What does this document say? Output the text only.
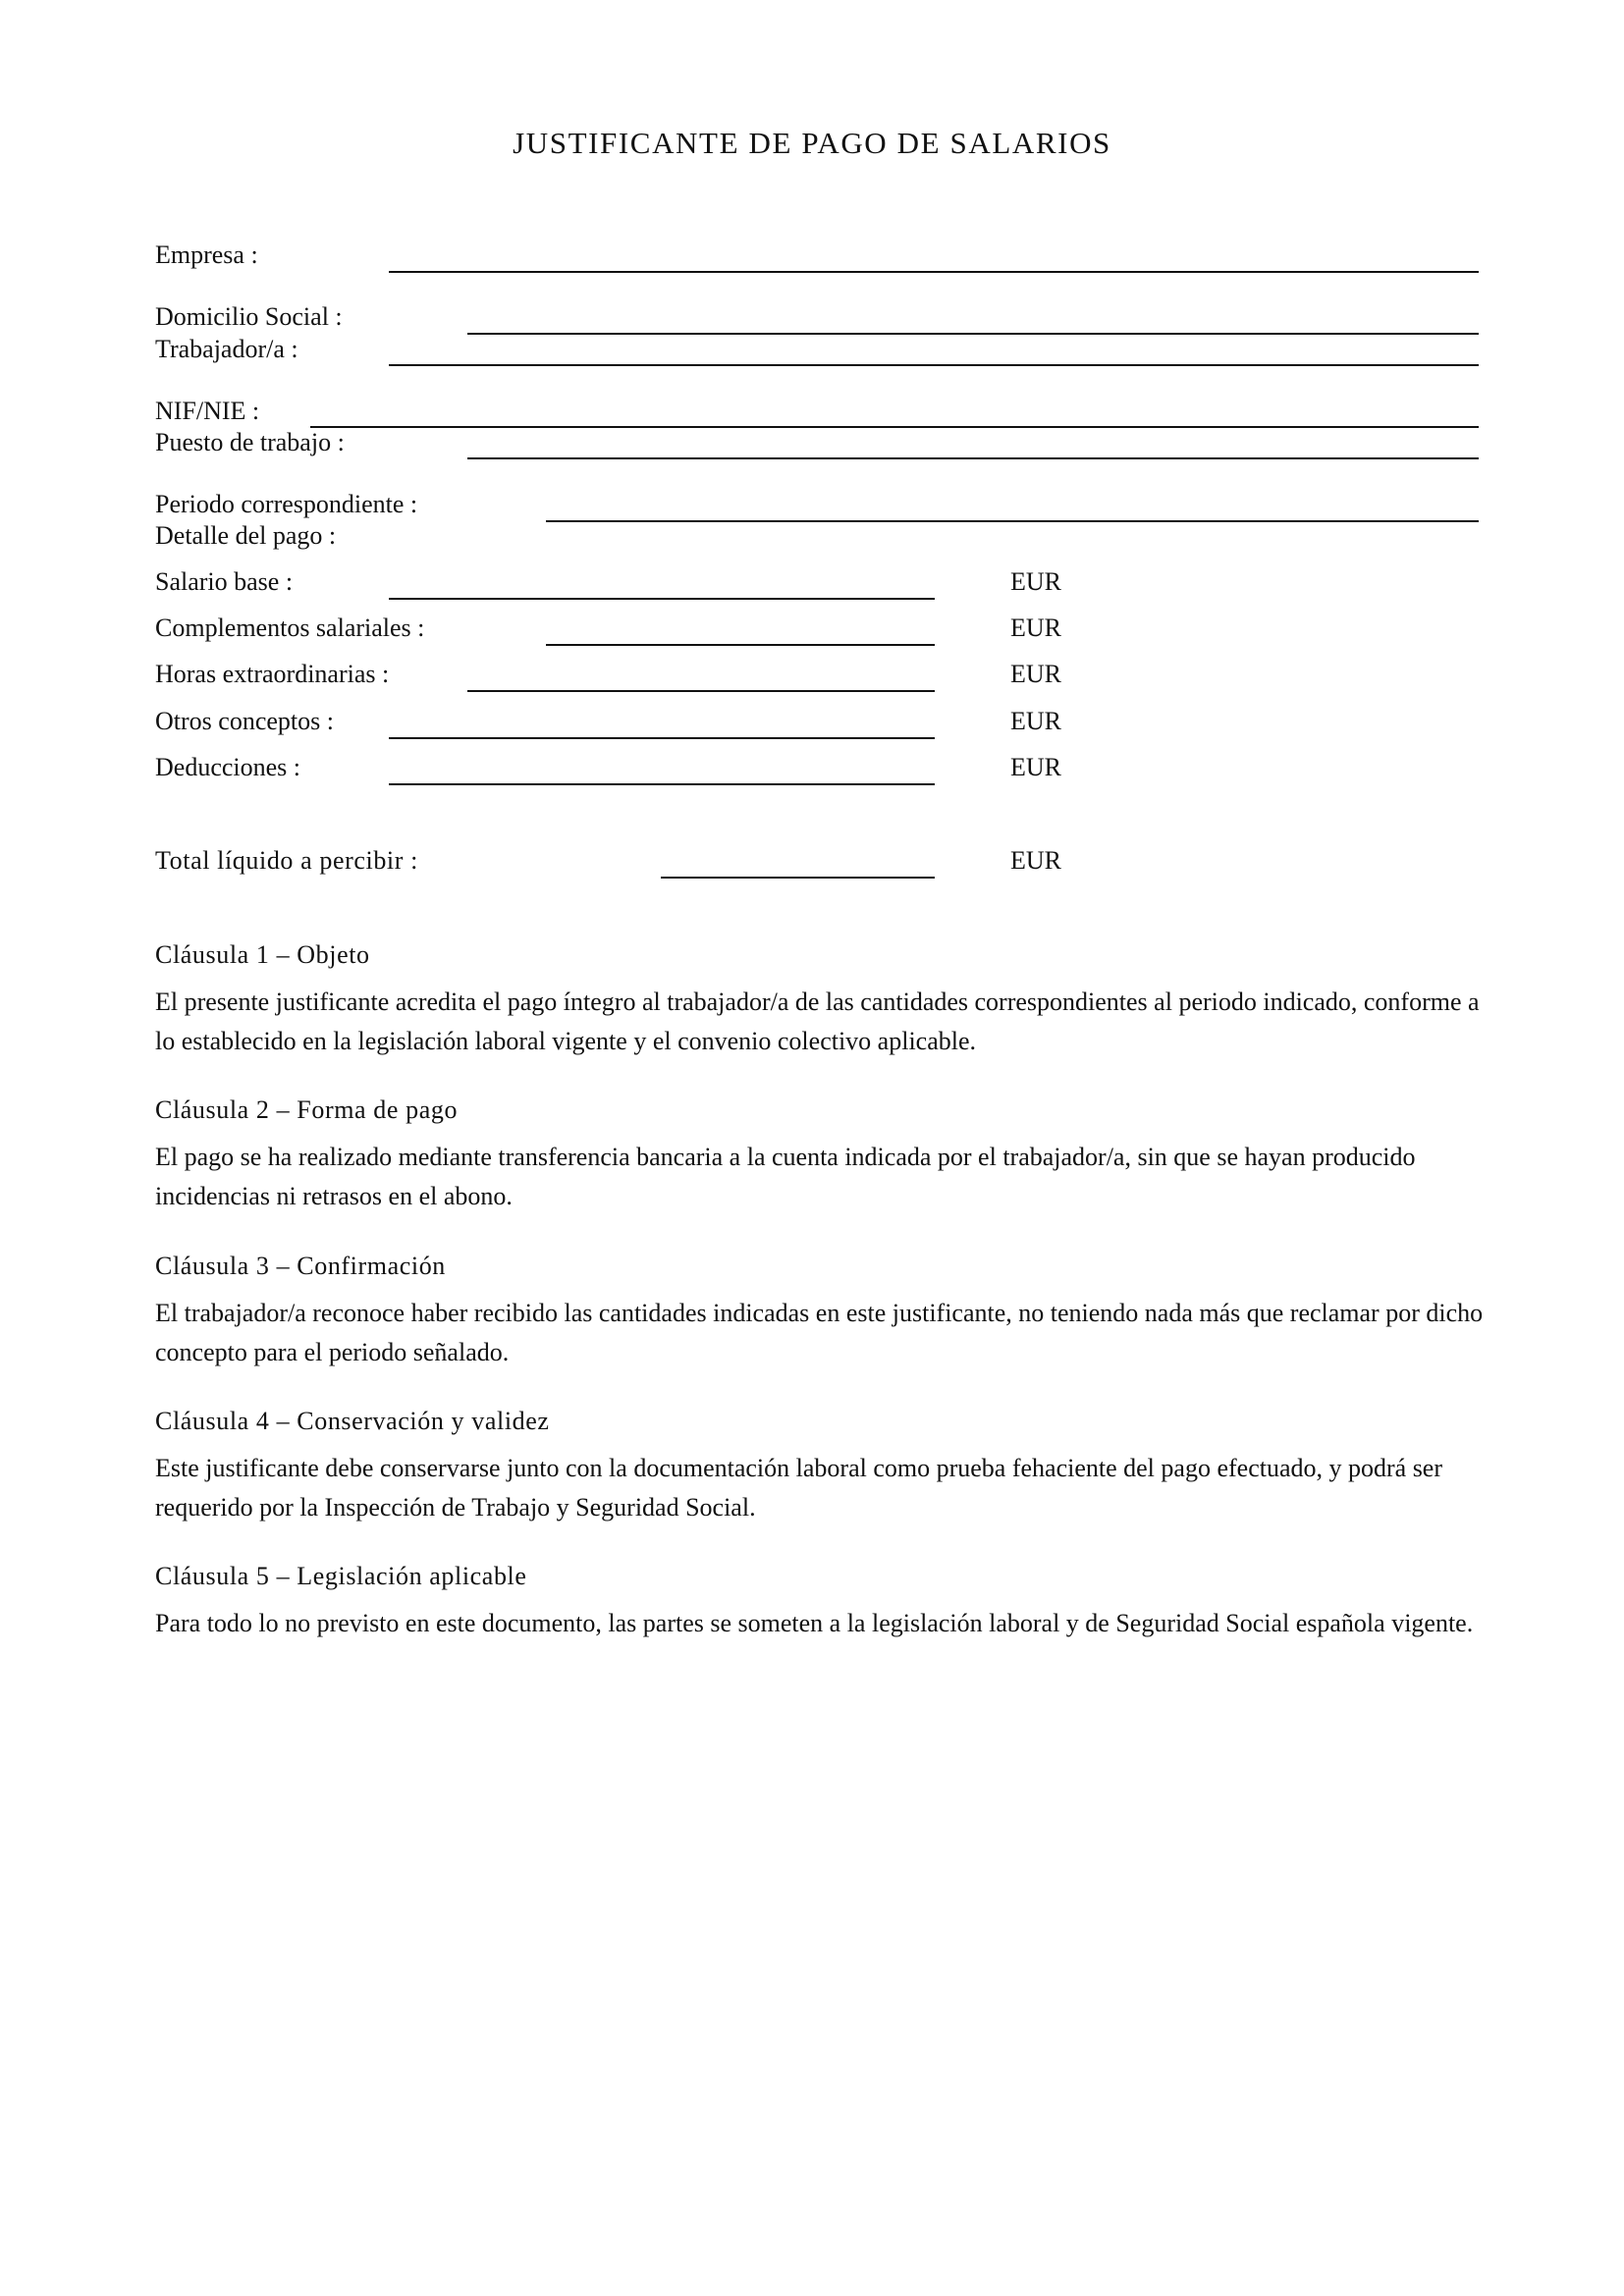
JUSTIFICANTE DE PAGO DE SALARIOS
Empresa :
Domicilio Social :
Trabajador/a :
NIF/NIE :
Puesto de trabajo :
Periodo correspondiente :
Detalle del pago :
Salario base :	EUR
Complementos salariales :	EUR
Horas extraordinarias :	EUR
Otros conceptos :	EUR
Deducciones :	EUR
Total líquido a percibir :	EUR
Cláusula 1 – Objeto
El presente justificante acredita el pago íntegro al trabajador/a de las cantidades correspondientes al periodo indicado, conforme a lo establecido en la legislación laboral vigente y el convenio colectivo aplicable.
Cláusula 2 – Forma de pago
El pago se ha realizado mediante transferencia bancaria a la cuenta indicada por el trabajador/a, sin que se hayan producido incidencias ni retrasos en el abono.
Cláusula 3 – Confirmación
El trabajador/a reconoce haber recibido las cantidades indicadas en este justificante, no teniendo nada más que reclamar por dicho concepto para el periodo señalado.
Cláusula 4 – Conservación y validez
Este justificante debe conservarse junto con la documentación laboral como prueba fehaciente del pago efectuado, y podrá ser requerido por la Inspección de Trabajo y Seguridad Social.
Cláusula 5 – Legislación aplicable
Para todo lo no previsto en este documento, las partes se someten a la legislación laboral y de Seguridad Social española vigente.
